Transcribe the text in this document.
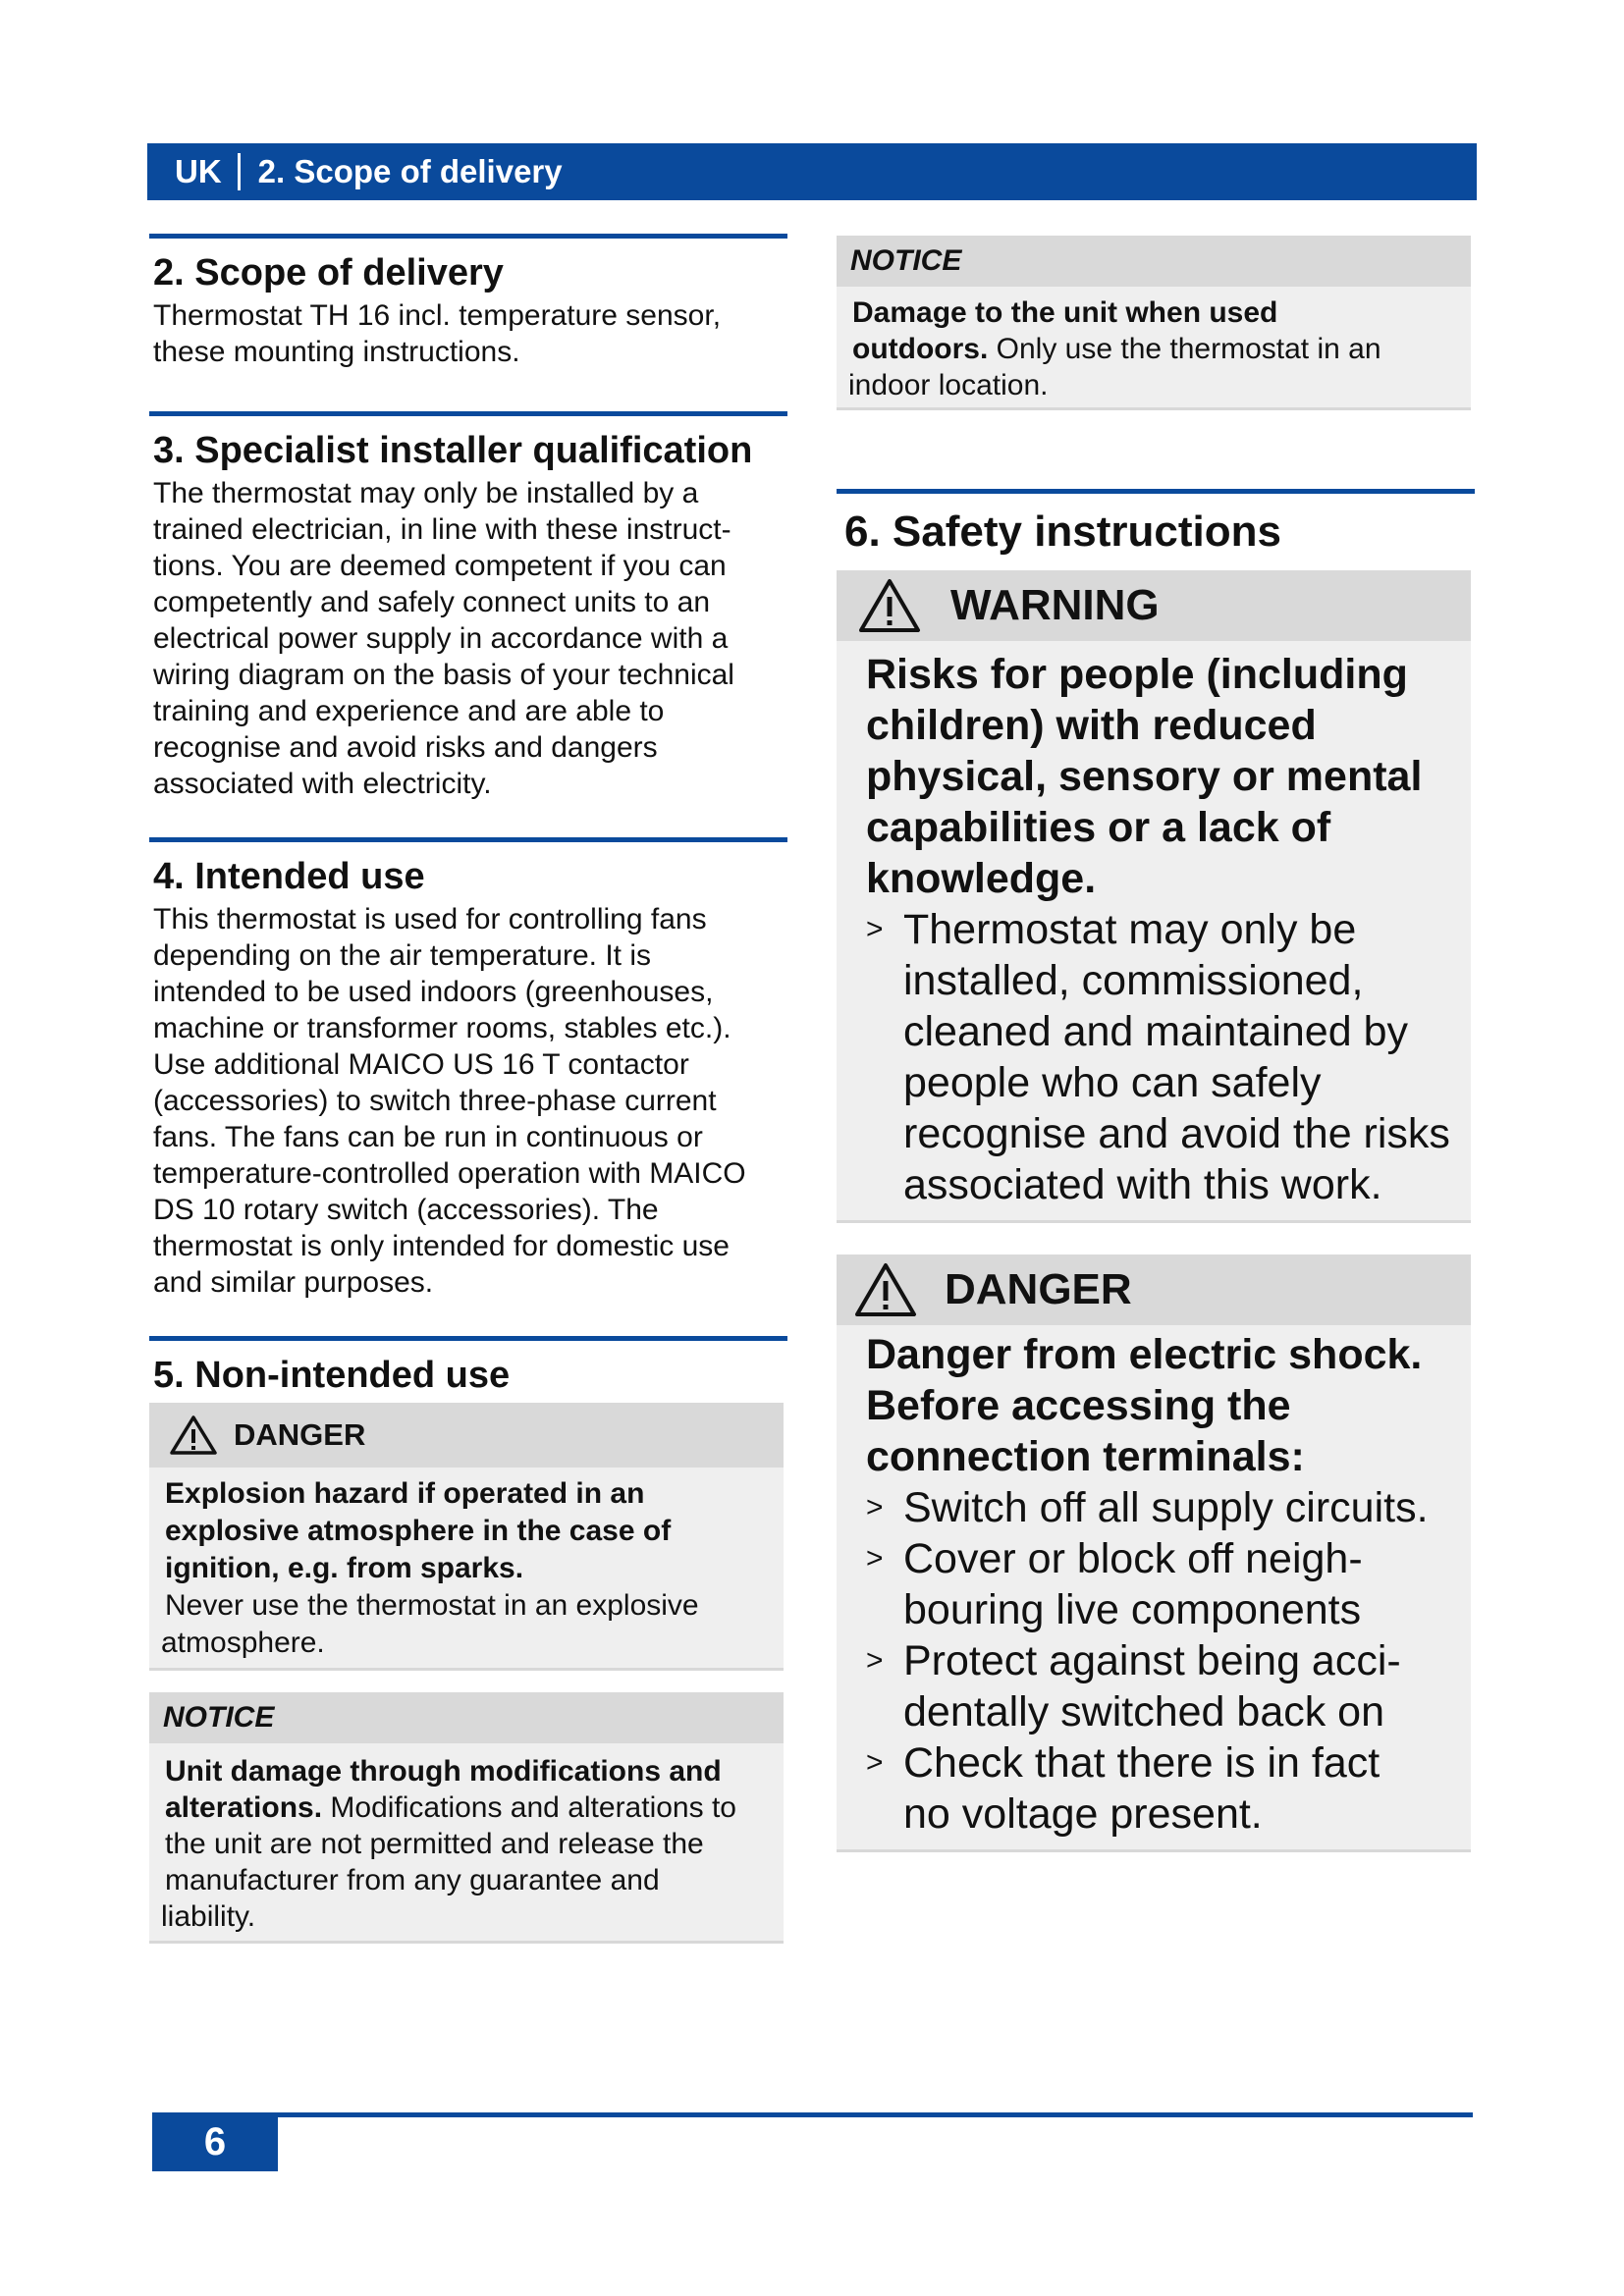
UK 2. Scope of delivery
2. Scope of delivery
Thermostat TH 16 incl. temperature sensor,
these mounting instructions.
3. Specialist installer qualification
The thermostat may only be installed by a
trained electrician, in line with these instruct-
tions. You are deemed competent if you can
competently and safely connect units to an
electrical power supply in accordance with a
wiring diagram on the basis of your technical
training and experience and are able to
recognise and avoid risks and dangers
associated with electricity.
4. Intended use
This thermostat is used for controlling fans
depending on the air temperature. It is
intended to be used indoors (greenhouses,
machine or transformer rooms, stables etc.).
Use additional MAICO US 16 T contactor
(accessories) to switch three-phase current
fans. The fans can be run in continuous or
temperature-controlled operation with MAICO
DS 10 rotary switch (accessories). The
thermostat is only intended for domestic use
and similar purposes.
5. Non-intended use
DANGER
Explosion hazard if operated in an
explosive atmosphere in the case of
ignition, e.g. from sparks.
Never use the thermostat in an explosive
atmosphere.
NOTICE
Unit damage through modifications and
alterations. Modifications and alterations to
the unit are not permitted and release the
manufacturer from any guarantee and
liability.
NOTICE
Damage to the unit when used
outdoors. Only use the thermostat in an
indoor location.
6. Safety instructions
WARNING
Risks for people (including
children) with reduced
physical, sensory or mental
capabilities or a lack of
knowledge.
> Thermostat may only be
installed, commissioned,
cleaned and maintained by
people who can safely
recognise and avoid the risks
associated with this work.
DANGER
Danger from electric shock.
Before accessing the
connection terminals:
> Switch off all supply circuits.
> Cover or block off neigh-
bouring live components
> Protect against being acci-
dentally switched back on
> Check that there is in fact
no voltage present.
6
